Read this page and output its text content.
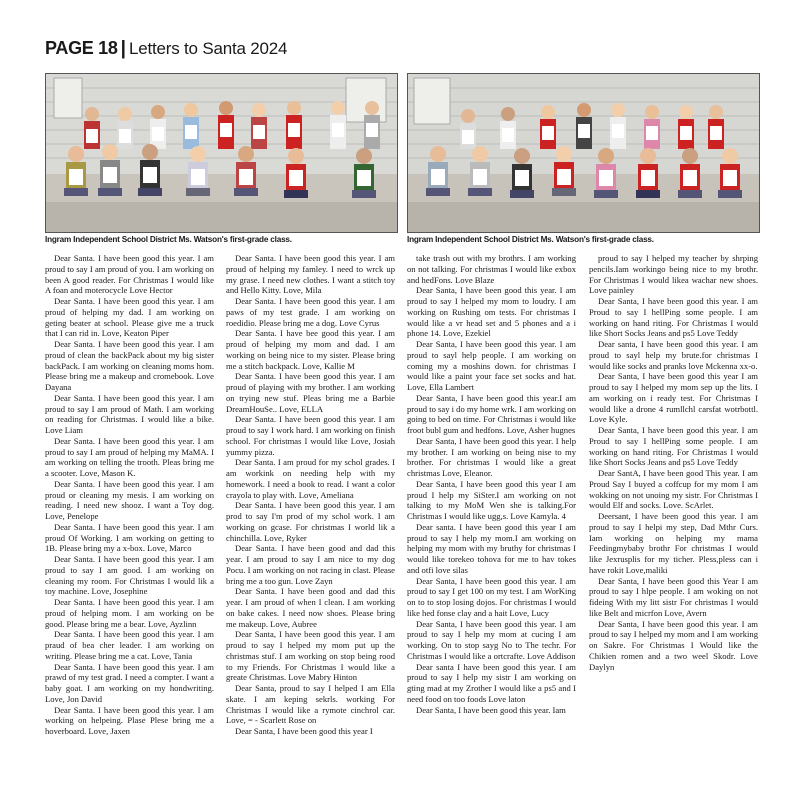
PAGE 18 | Letters to Santa 2024
Ingram Independent School District Ms. Watson's first-grade class.	Ingram Independent School District Ms. Watson's first-grade class.

Dear Santa. I have been good this year. I am proud to say I am proud of you. I am working on been A good reader. For Christmas I would like A foan and moterocycle Love Hector

Dear Santa. I have been good this year. I am proud of helping my dad. I am working on geting beater at school. Please give me a truck that I can rid in. Love, Keaton Piper

Dear Santa. I have been good this year. I am proud of clean the backPack about my big sister backPack. I am working on cleaning moms hom. Please bring me a makeup and cromebook. Love Dayana

Dear Santa. I have been good this year. I am proud to say I am proud of Math. I am working on reading for Christmas. I would like a bike. Love Liam

Dear Santa. I have been good this year. I am proud to say I am proud of helping my MaMA. I am working on telling the trooth. Pleas bring me a scooter. Love, Mason K.

Dear Santa. I have been good this year. I am proud or cleaning my mesis. I am working on reading. I need new shooz. I want a Toy dog. Love, Penelope

Dear Santa. I have been good this year. I am proud Of Working. I am working on getting to 1B. Please bring my a x-box. Love, Marco

Dear Santa. I have been good this year. I am proud to say I am good. I am working on cleaning my room. For Christmas I would lik a toy machine. Love, Josephine

Dear Santa. I have been good this year. I am proud of helping mom. I am working on be good. Please bring me a bear. Love, Ayzlinn

Dear Santa. I have been good this year. I am praud of bea cher leader. I am working on writing. Please bring me a cat. Love, Tania

Dear Santa. I have been good this year. I am prawd of my test grad. I need a compter. I want a baby goat. I am working on my hondwriting. Love, Jon David

Dear Santa. I have been good this year. I am working on helpeing. Plase Plese bring me a hoverboard. Love, Jaxen

Dear Santa. I have been good this year. I am proud of helping my famley. I need to wrck up my grase. I need new clothes. I want a stitch toy and Hello Kitty. Love, Mila

Dear Santa. I have been good this year. I am paws of my test grade. I am working on roedidio. Please bring me a dog. Love Cyrus

Dear Santa. I have bee good this year. I am proud of helping my mom and dad. I am working on being nice to my sister. Please bring me a stitch backpack. Love, Kallie M

Dear Santa. I have been good this year. I am proud of playing with my brother. I am working on trying new stuf. Pleas bring me a Barbie DreamHouSe.. Love, ELLA

Dear Santa. I have been good this year. I am proud to say I work hard. I am working on finish school. For christmas I would like Love, Josiah yummy pizza.

Dear Santa. I am proud for my schol grades. I am workink on needing help with my homework. I need a book to read. I want a color crayola to play with. Love, Ameliana

Dear Santa. I have been good this year. I am prod to say I'm prod of my schol work. I am working on gcase. For christmas I world lik a chinchilla. Love, Ryker

Dear Santa. I have been good and dad this year. I am proud to say I am nice to my dog Pocu. I am working on not racing in clast. Please bring me a too gun. Love Zayn

Dear Santa. I have been good and dad this year. I am proud of when I clean. I am working on bake cakes. I need now shoes. Please bring me makeup. Love, Aubree

Dear Santa, I have been good this year. I am proud to say I helped my mom put up the christmas stuf. I am working on stop being rood to my Friends. For Christmas I would like a greate Christmas. Love Mabry Hinton

Dear Santa, proud to say I helped I am Ella skate. I am keping sekrls. working For Christmas I would like a rymote cinchrol car. Love, = - Scarlett Rose on

Dear Santa, I have been good this year I

take trash out with my brothrs. I am working on not talking. For christmas I would like exbox and hedFons. Love Blaze

Dear Santa, I have been good this year. I am proud to say I helped my mom to loudry. I am working on Rushing om tests. For christmas I would like a vr head set and 5 phones and a i phone 14. Love, Ezekiel

Dear Santa, I have been good this year. I am proud to sayl help people. I am working on coming my a moshins down. for christmas I would like a paint your face set socks and hat. Love, Ella Lambert

Dear Santa, I have been good this year.I am proud to say i do my home wrk. I am working on going to bed on time. For Christmas i would like froot bubl gum and hedfons. Love, Asher hugnes

Dear Santa, I have been good this year. I help my brother. I am working on being nise to my brother. For christmas I would like a great christmas Love, Eleanor.

Dear Santa, I have been good this year I am proud I help my SiSter.I am working on not talking to my MoM Wen she is talking.For Christmas I would like ugg,s. Love Kamyla. 4

Dear santa. I have been good this year I am proud to say I help my mom.I am working on helping my mom with my bruthy for christmas I would like torekeo tohova for me to hav tokes and otfi love silas

Dear Santa, I have been good this year. I am proud to say I get 100 on my test. I am WorKing on to to stop losing dojos. For christmas I would like hed fonse clay and a hait Love, Lucy

Dear Santa, I have been good this year. I am proud to say I help my mom at cucing I am working. On to stop sayg No to The techr. For Christmas I would like a ortcrafte. Love Addison

Dear santa I have been good this year. I am proud to say I help my sistr I am working on gting mad at my Zrother I would like a ps5 and I need food on too foods Love laton

Dear Santa, I have been good this year. Iam

proud to say I helped my teacher by shrping pencils.Iam workingo being nice to my brothr. For Christmas I would likea wachar new shoes. Love painley

Dear Santa, I have been good this year. I am Proud to say I hellPing some people. I am working on hand riting. For Christmas I would like Short Socks Jeans and ps5 Love Teddy

Dear santa, I have been good this year. I am proud to sayl help my brute.for christmas I would like socks and pranks love Mckenna xx-o.

Dear Santa, I have been good this year I am proud to say I helped my mom sep up the lits. I am working on i ready test. For Christmas I would like a drone 4 rumllchl carsfat wotrbottl. Love Kyle.

Dear Santa, I have been good this year. I am Proud to say I hellPing some people. I am working on hand riting. For Christmas I would like Short Socks Jeans and ps5 Love Teddy

Dear SantA, I have been good This year. I am Proud Say I buyed a coffcup for my mom I am wokking on not unoing my sistr. For Christmas I would Elf and socks. Love. ScArlet.

Deersant, I have been good this year. I am proud to say I helpi my step, Dad Mthr Curs. Iam working on helping my mama Feedingmybaby brothr For christmas I would like Jexrusplis for my ticher. Pless,pless can i have rokit Love,maliki

Dear Santa, I have been good this Year I am proud to say I hlpe people. I am woking on not fideing With my litt sistr For christmas I would like Belt and micrfon Love, Avern

Dear Santa, I have been good this year. I am proud to say I helped my mom and I am working on Sakre. For Christmas I Would like the Chikien romen and a two weel Skodr. Love Daylyn
